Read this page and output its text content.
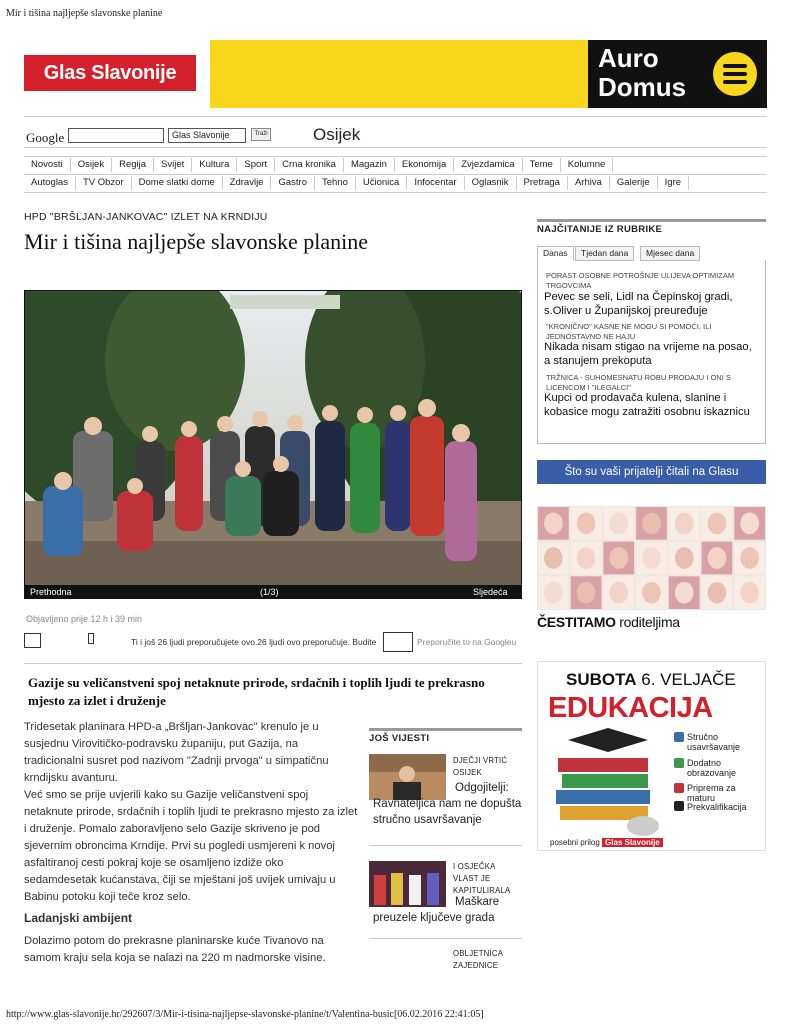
Mir i tišina najljepše slavonske planine
Glas Slavonije	Auro
Domus
Google	Glas Slavonije	Traži	Osijek
Novosti	Osijek	Regija	Svijet	Kultura	Sport	Crna kronika	Magazin	Ekonomija	Zvjezdamica	Teme	Kolumne
Autoglas	TV Obzor	Dome slatki dome	Zdravlje	Gastro	Tehno	Učionica	Infocentar	Oglasnik	Pretraga	Arhiva	Galerije	Igre
HPD "BRŠLJAN-JANKOVAC" IZLET NA KRNDIJU
Mir i tišina najljepše slavonske planine
Prethodna	(1/3)	Sljedeća
Objavljeno prije 12 h i 39 min
Ti i još 26 ljudi preporučujete ovo.26 ljudi ovo preporučuje. Budite	Preporučite to na Googleu
Gazije su veličanstveni spoj netaknute prirode, srdačnih i toplih ljudi te prekrasno mjesto za izlet i druženje
Tridesetak planinara HPD-a „Bršljan-Jankovac" krenulo je u susjednu Virovitičko-podravsku županiju, put Gazija, na tradicionalni susret pod nazivom "Zadnji prvoga" u simpatičnu krndijsku avanturu.
Već smo se prije uvjerili kako su Gazije veličanstveni spoj netaknute prirode, srdačnih i toplih ljudi te prekrasno mjesto za izlet i druženje. Pomalo zaboravljeno selo Gazije skriveno je pod sjevernim obroncima Krndije. Prvi su pogledi usmjereni k novoj asfaltiranoj cesti pokraj koje se osamljeno izdiže oko sedamdesetak kućanstava, čiji se mještani još uvijek umivaju u Babinu potoku koji teče kroz selo.
Ladanjski ambijent
Dolazimo potom do prekrasne planinarske kuće Tivanovo na samom kraju sela koja se nalazi na 220 m nadmorske visine.
JOŠ VIJESTI
DJEČJI VRTIĆ OSIJEK
Odgojitelji: Ravnateljica nam ne dopušta stručno usavršavanje
I OSJEČKA VLAST JE KAPITULIRALA
Maškare preuzele ključeve grada
OBLJETNICA ZAJEDNICE
NAJČITANIJE IZ RUBRIKE
Danas	Tjedan dana	Mjesec dana
PORAST OSOBNE POTROŠNJE ULIJEVA OPTIMIZAM TRGOVCIMA
Pevec se seli, Lidl na Čepinskoj gradi, s.Oliver u Županijskoj preuređuje
"KRONIČNO" KASNE NE MOGU SI POMOĆI, ILI JEDNOSTAVNO NE HAJU
Nikada nisam stigao na vrijeme na posao, a stanujem prekoputa
TRŽNICA - SUHOMESNATU ROBU PRODAJU I ONI S LICENCOM I "ILEGALCI"
Kupci od prodavača kulena, slanine i kobasice mogu zatražiti osobnu iskaznicu
Što su vaši prijatelji čitali na Glasu
ČESTITAMO roditeljima
SUBOTA 6. VELJAČE
EDUKACIJA
Stručno usavršavanje
Dodatno obrazovanje
Priprema za maturu
Prekvalifikacija
posebni prilog Glas Slavonije
http://www.glas-slavonije.hr/292607/3/Mir-i-tisina-najljepse-slavonske-planine/t/Valentina-busic[06.02.2016 22:41:05]
